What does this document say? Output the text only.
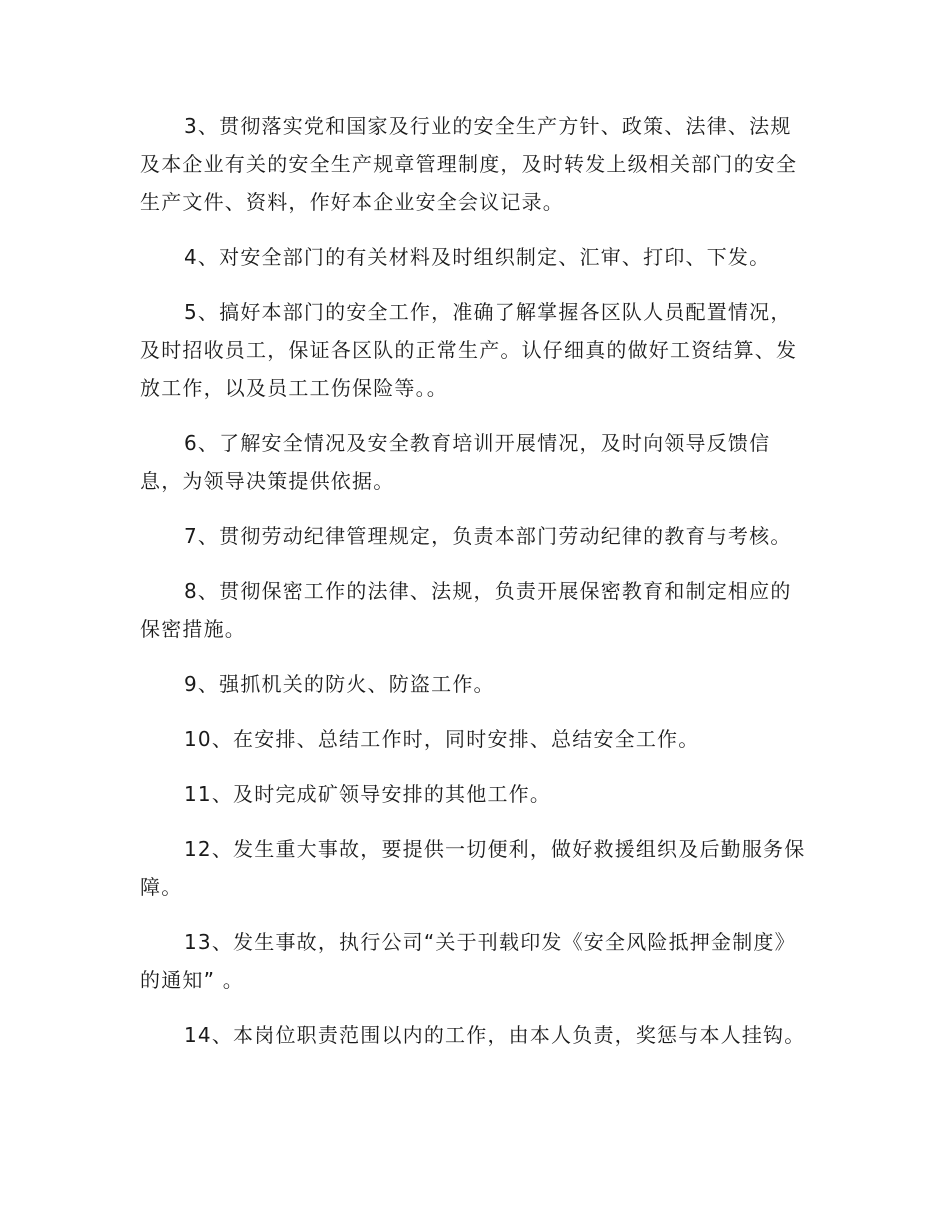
3、贯彻落实党和国家及行业的安全生产方针、政策、法律、法规及本企业有关的安全生产规章管理制度，及时转发上级相关部门的安全生产文件、资料，作好本企业安全会议记录。

4、对安全部门的有关材料及时组织制定、汇审、打印、下发。

5、搞好本部门的安全工作，准确了解掌握各区队人员配置情况，及时招收员工，保证各区队的正常生产。认仔细真的做好工资结算、发放工作，以及员工工伤保险等。。

6、了解安全情况及安全教育培训开展情况，及时向领导反馈信息，为领导决策提供依据。

7、贯彻劳动纪律管理规定，负责本部门劳动纪律的教育与考核。

8、贯彻保密工作的法律、法规，负责开展保密教育和制定相应的保密措施。

9、强抓机关的防火、防盗工作。

10、在安排、总结工作时，同时安排、总结安全工作。

11、及时完成矿领导安排的其他工作。

12、发生重大事故，要提供一切便利，做好救援组织及后勤服务保障。

13、发生事故，执行公司“关于刊载印发《安全风险抵押金制度》的通知” 。

14、本岗位职责范围以内的工作，由本人负责，奖惩与本人挂钩。
